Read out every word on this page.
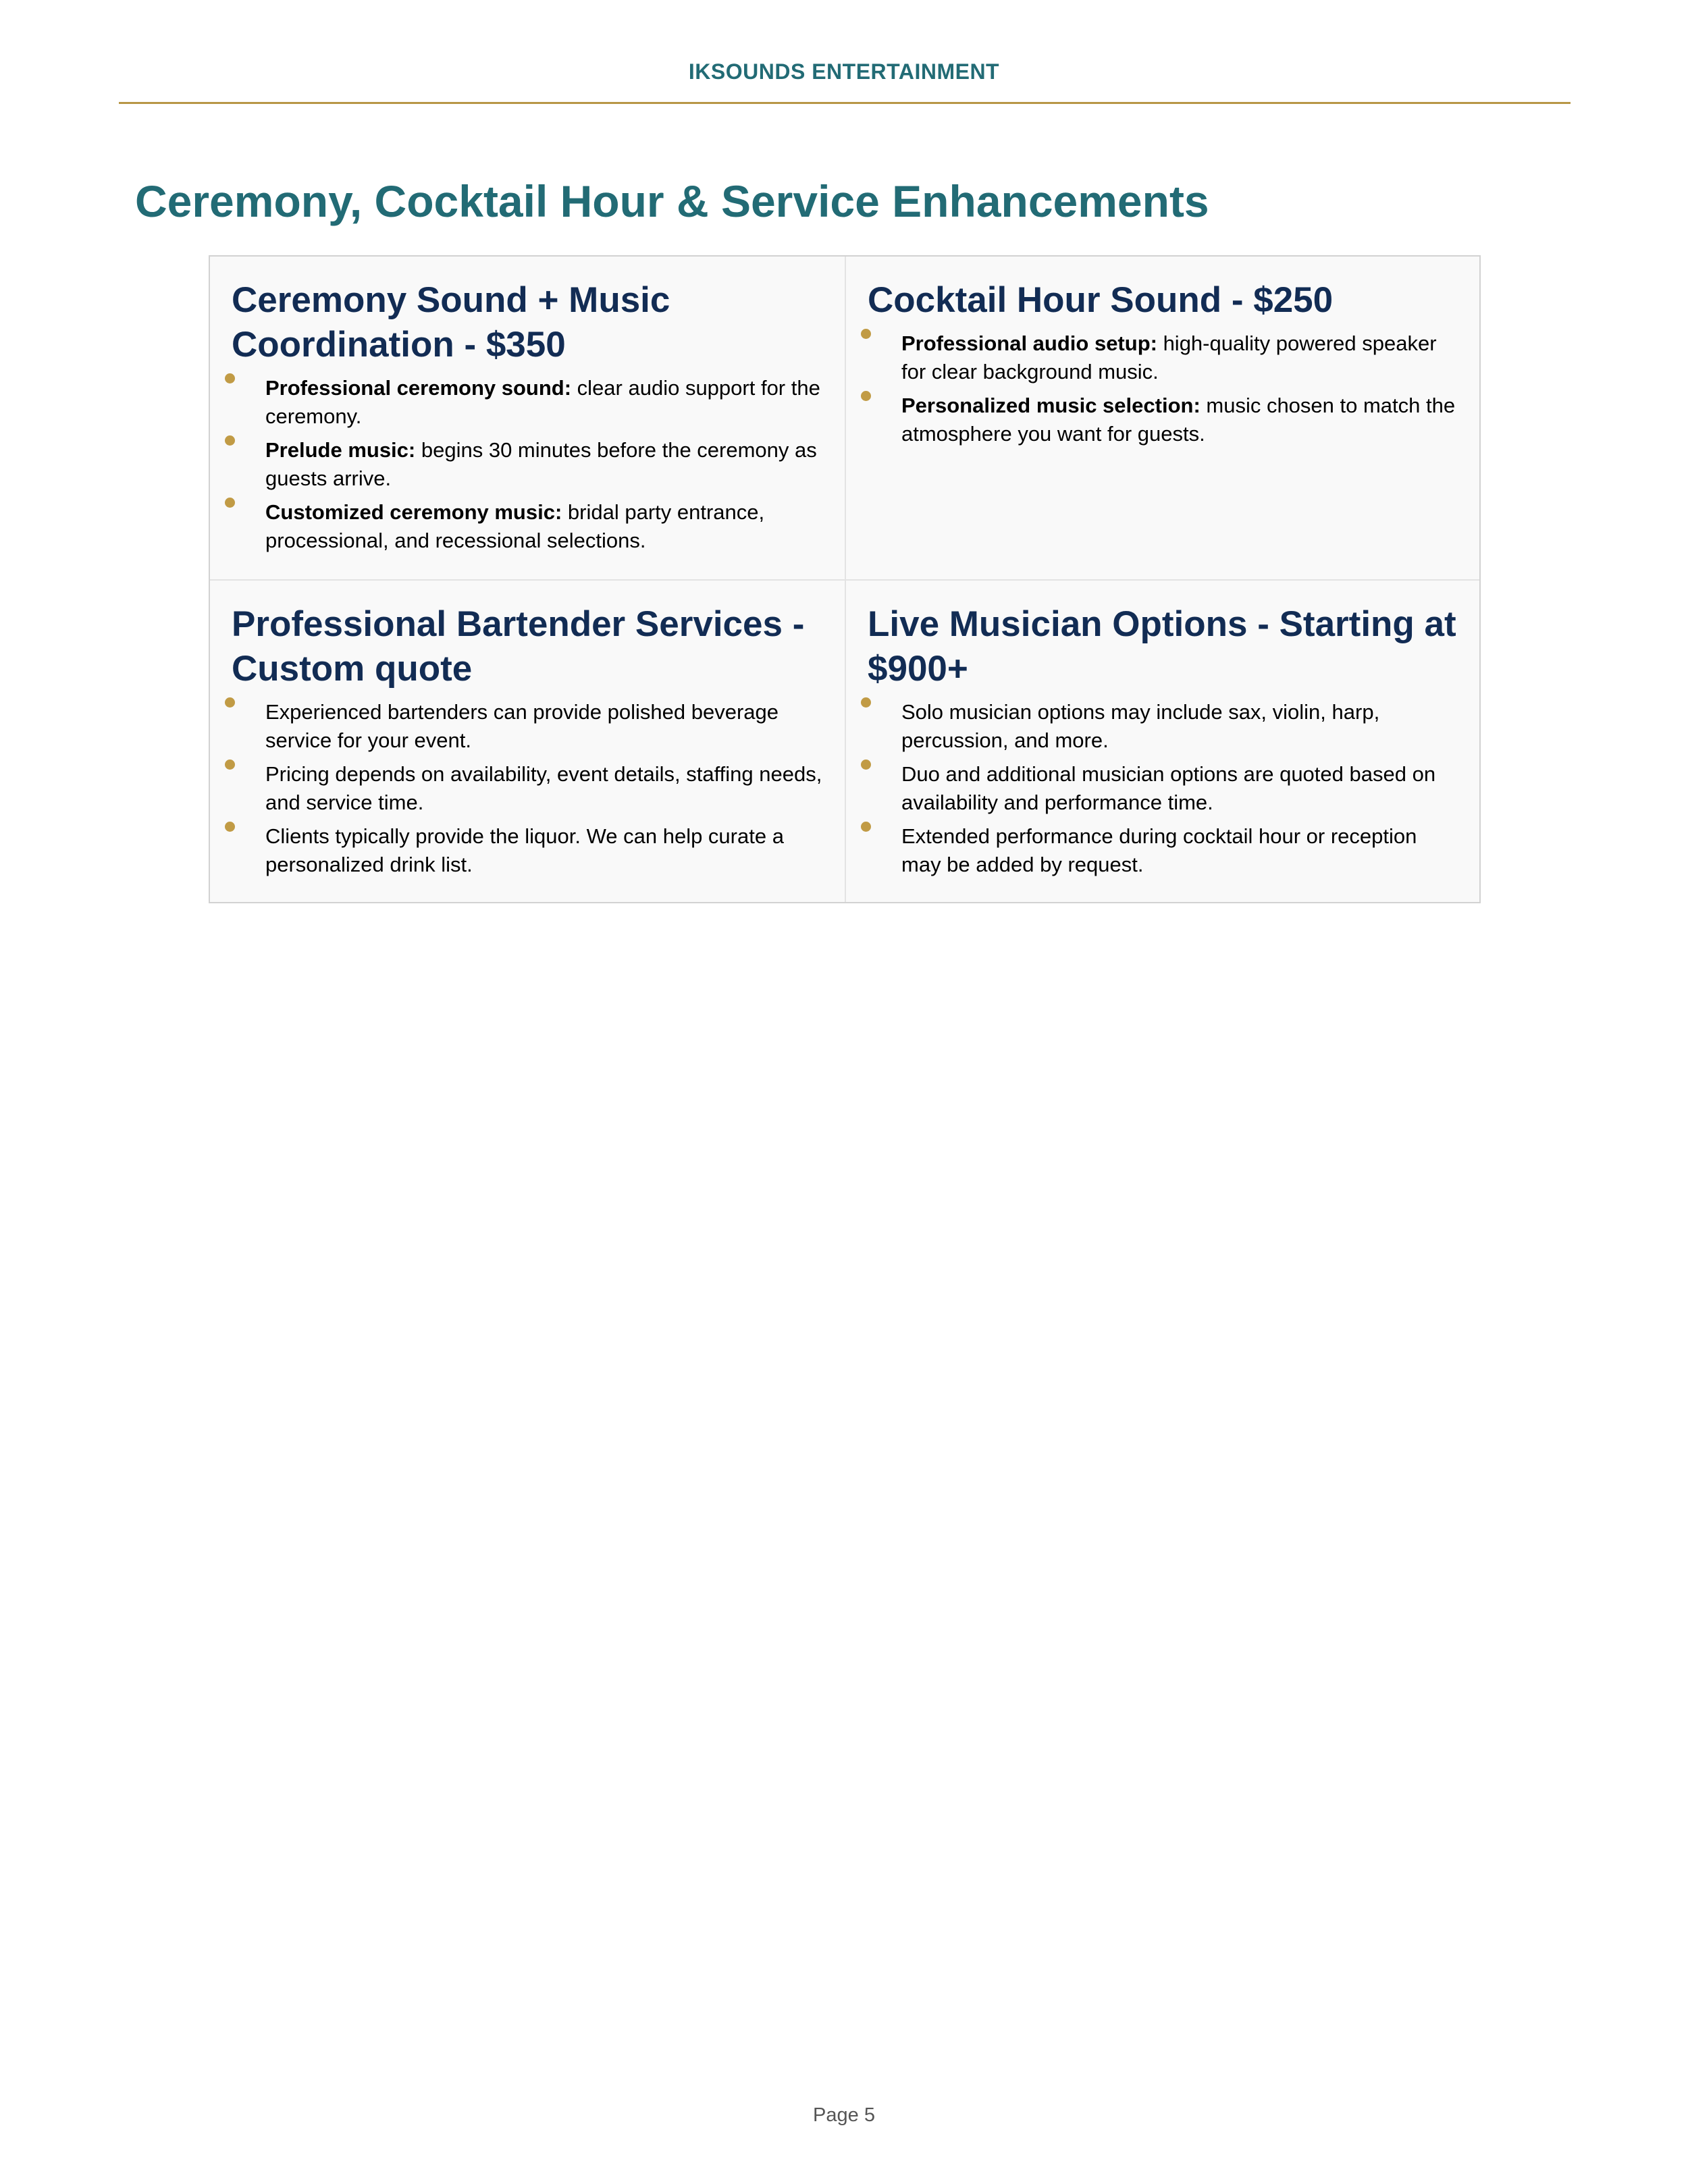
IKSOUNDS ENTERTAINMENT
Ceremony, Cocktail Hour & Service Enhancements
Ceremony Sound + Music Coordination - $350
Professional ceremony sound: clear audio support for the ceremony.
Prelude music: begins 30 minutes before the ceremony as guests arrive.
Customized ceremony music: bridal party entrance, processional, and recessional selections.
Cocktail Hour Sound - $250
Professional audio setup: high-quality powered speaker for clear background music.
Personalized music selection: music chosen to match the atmosphere you want for guests.
Professional Bartender Services - Custom quote
Experienced bartenders can provide polished beverage service for your event.
Pricing depends on availability, event details, staffing needs, and service time.
Clients typically provide the liquor. We can help curate a personalized drink list.
Live Musician Options - Starting at $900+
Solo musician options may include sax, violin, harp, percussion, and more.
Duo and additional musician options are quoted based on availability and performance time.
Extended performance during cocktail hour or reception may be added by request.
Page 5
